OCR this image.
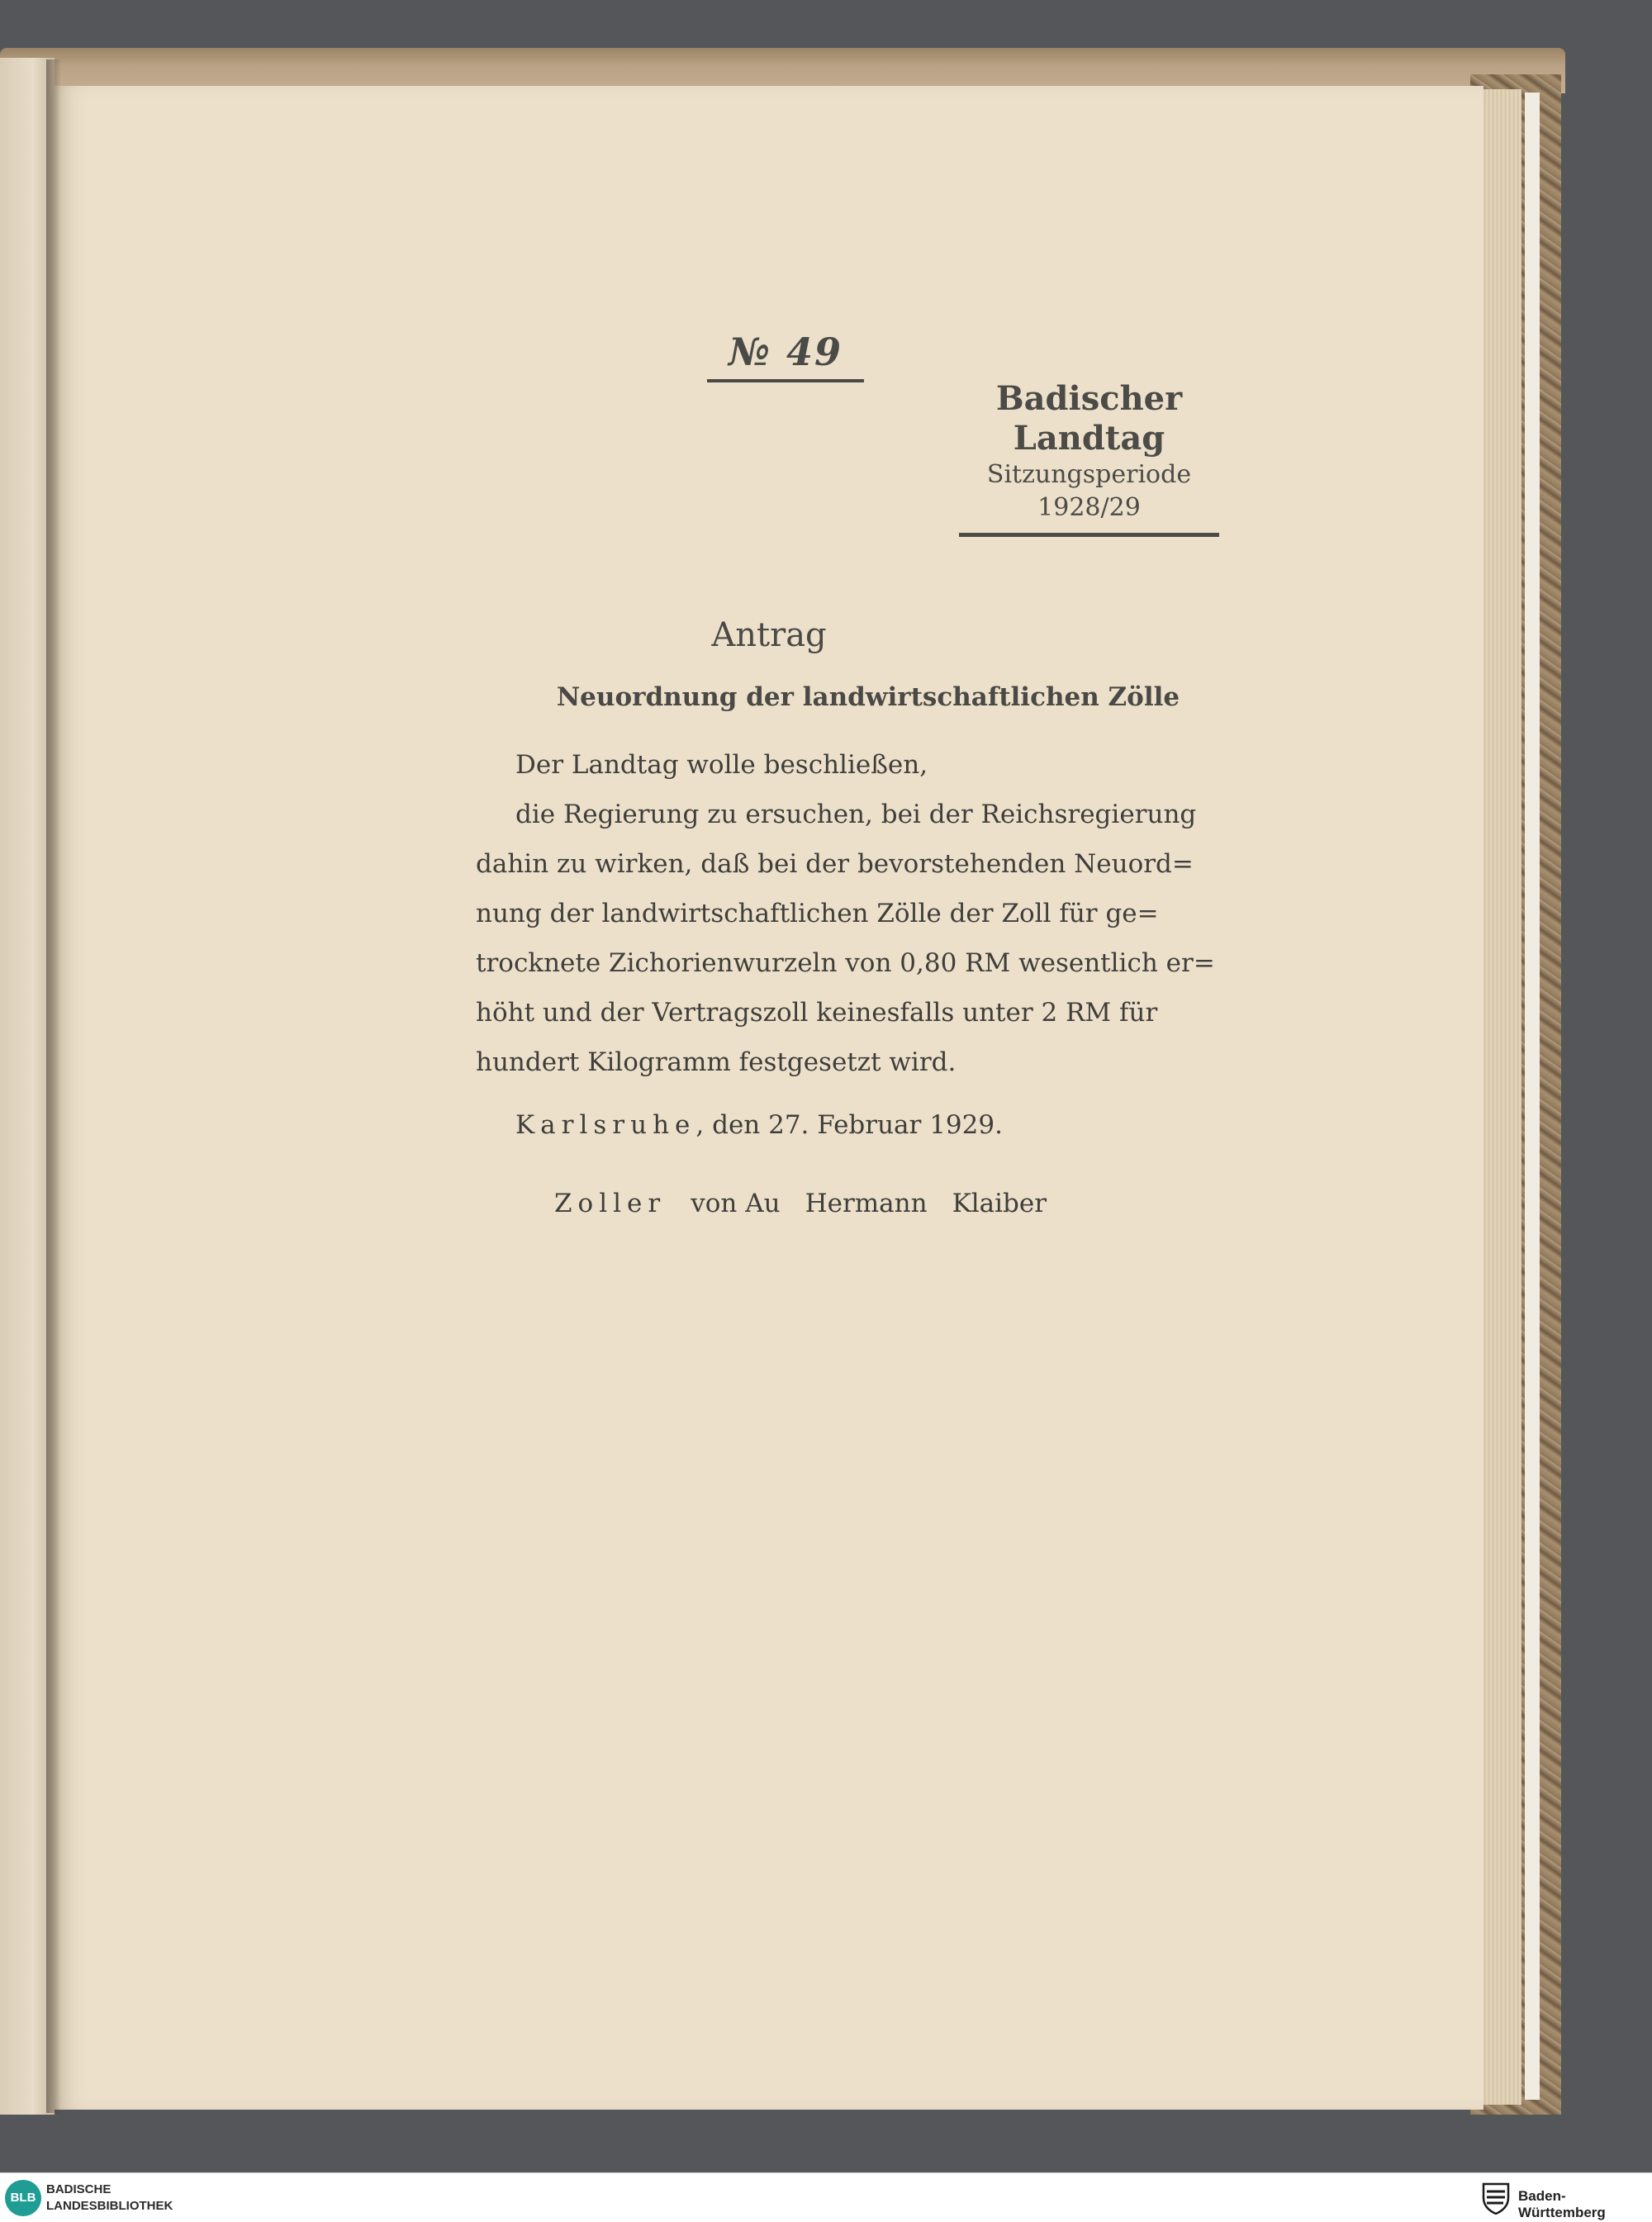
№ 49
Badischer Landtag
Sitzungsperiode
1928/29
Antrag
Neuordnung der landwirtschaftlichen Zölle
Der Landtag wolle beschließen,
die Regierung zu ersuchen, bei der Reichsregierung
dahin zu wirken, daß bei der bevorstehenden Neuord=
nung der landwirtschaftlichen Zölle der Zoll für ge=
trocknete Zichorienwurzeln von 0,80 RM wesentlich er=
höht und der Vertragszoll keinesfalls unter 2 RM für
hundert Kilogramm festgesetzt wird.
Karlsruhe, den 27. Februar 1929.
Zoller von Au Hermann Klaiber
BLB
BADISCHE
LANDESBIBLIOTHEK
Baden-Württemberg
